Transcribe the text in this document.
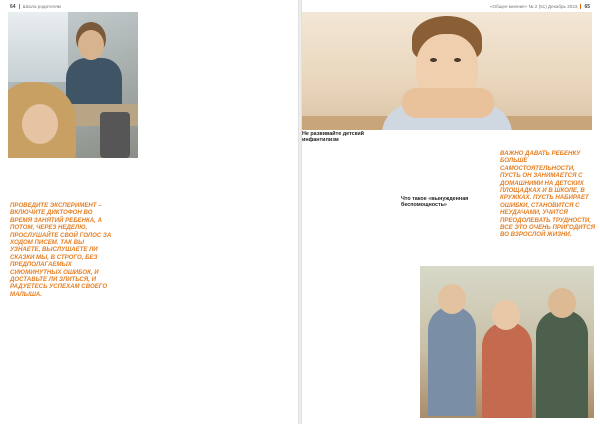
64 Школа родителям
ПРОВЕДИТЕ ЭКСПЕРИМЕНТ – ВКЛЮЧИТЕ ДИКТОФОН ВО ВРЕМЯ ЗАНЯТИЙ РЕБЕНКА, А ПОТОМ, ЧЕРЕЗ НЕДЕЛЮ, ПРОСЛУШАЙТЕ СВОЙ ГОЛОС ЗА ХОДОМ ПИСЕМ. ТАК ВЫ УЗНАЕТЕ, ВЫСЛУШАЕТЕ ЛИ СКАЗКИ МЫ, В СТРОГО, БЕЗ ПРЕДПОЛАГАЕМЫХ СИЮМИНУТНЫХ ОШИБОК, И ДОСТАВЬТЕ ЛИ ЗЛИТЬСЯ, И РАДУЕТЕСЬ УСПЕХАМ СВОЕГО МАЛЫША.
«Общее мнение» № 2 (51) Декабрь 2023 65
Не развивайте детский инфантилизм
Что такое «вынужденная беспомощность»
ВАЖНО ДАВАТЬ РЕБЕНКУ БОЛЬШЕ САМОСТОЯТЕЛЬНОСТИ, ПУСТЬ ОН ЗАНИМАЕТСЯ С ДОМАШНИМИ НА ДЕТСКИХ ПЛОЩАДКАХ И В ШКОЛЕ, В КРУЖКАХ. ПУСТЬ НАБИРАЕТ ОШИБКИ, СТАНОВИТСЯ С НЕУДАЧАМИ, УЧИТСЯ ПРЕОДОЛЕВАТЬ ТРУДНОСТИ, ВСЕ ЭТО ОЧЕНЬ ПРИГОДИТСЯ ВО ВЗРОСЛОЙ ЖИЗНИ.
